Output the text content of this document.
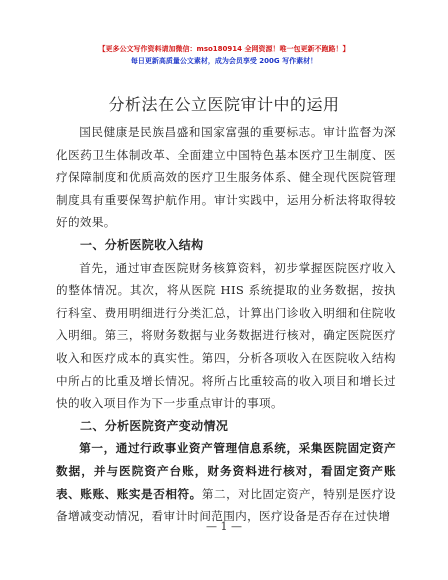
【更多公文写作资料请加微信：mso180914 全网资源！唯一包更新不跑路！】
每日更新高质量公文素材，成为会员享受 200G 写作素材！
分析法在公立医院审计中的运用

国民健康是民族昌盛和国家富强的重要标志。审计监督为深化医药卫生体制改革、全面建立中国特色基本医疗卫生制度、医疗保障制度和优质高效的医疗卫生服务体系、健全现代医院管理制度具有重要保驾护航作用。审计实践中，运用分析法将取得较好的效果。

一、分析医院收入结构

首先，通过审查医院财务核算资料，初步掌握医院医疗收入的整体情况。其次，将从医院 HIS 系统提取的业务数据，按执行科室、费用明细进行分类汇总，计算出门诊收入明细和住院收入明细。第三，将财务数据与业务数据进行核对，确定医院医疗收入和医疗成本的真实性。第四，分析各项收入在医院收入结构中所占的比重及增长情况。将所占比重较高的收入项目和增长过快的收入项目作为下一步重点审计的事项。

二、分析医院资产变动情况

第一，通过行政事业资产管理信息系统，采集医院固定资产数据，并与医院资产台账，财务资料进行核对，看固定资产账表、账账、账实是否相符。第二，对比固定资产，特别是医疗设备增减变动情况，看审计时间范围内，医疗设备是否存在过快增

— 1 —
